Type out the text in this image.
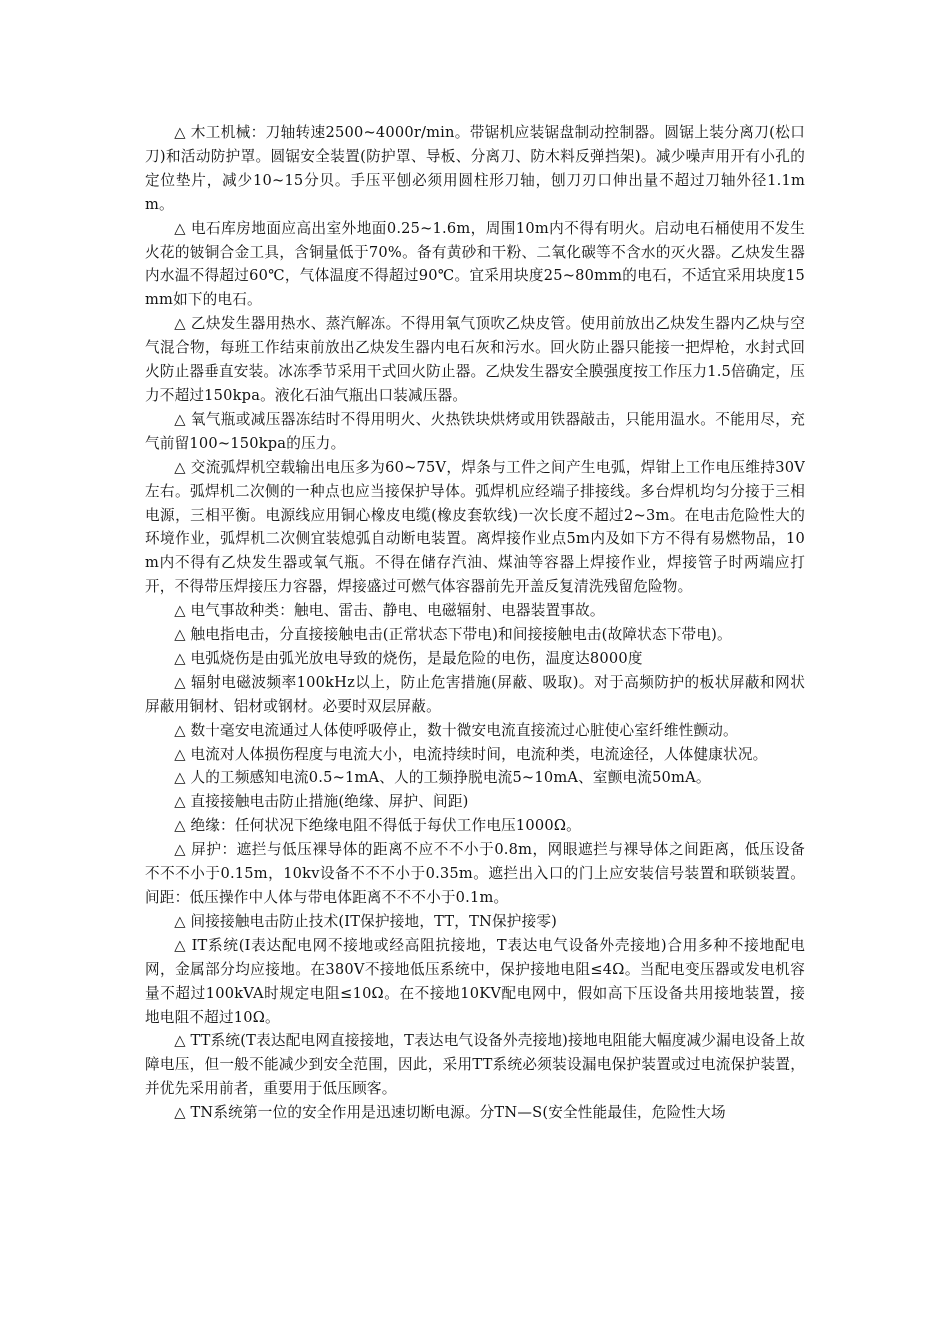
△ 木工机械：刀轴转速2500~4000r/min。带锯机应装锯盘制动控制器。圆锯上装分离刀(松口刀)和活动防护罩。圆锯安全装置(防护罩、导板、分离刀、防木料反弹挡架)。减少噪声用开有小孔的定位垫片，减少10~15分贝。手压平刨必须用圆柱形刀轴，刨刀刃口伸出量不超过刀轴外径1.1mm。

△ 电石库房地面应高出室外地面0.25~1.6m，周围10m内不得有明火。启动电石桶使用不发生火花的铍铜合金工具，含铜量低于70%。备有黄砂和干粉、二氧化碳等不含水的灭火器。乙炔发生器内水温不得超过60℃，气体温度不得超过90℃。宜采用块度25~80mm的电石，不适宜采用块度15mm如下的电石。

△ 乙炔发生器用热水、蒸汽解冻。不得用氧气顶吹乙炔皮管。使用前放出乙炔发生器内乙炔与空气混合物，每班工作结束前放出乙炔发生器内电石灰和污水。回火防止器只能接一把焊枪，水封式回火防止器垂直安装。冰冻季节采用干式回火防止器。乙炔发生器安全膜强度按工作压力1.5倍确定，压力不超过150kpa。液化石油气瓶出口装减压器。

△ 氧气瓶或减压器冻结时不得用明火、火热铁块烘烤或用铁器敲击，只能用温水。不能用尽，充气前留100~150kpa的压力。

△ 交流弧焊机空载输出电压多为60~75V，焊条与工件之间产生电弧，焊钳上工作电压维持30V左右。弧焊机二次侧的一种点也应当接保护导体。弧焊机应经端子排接线。多台焊机均匀分接于三相电源，三相平衡。电源线应用铜心橡皮电缆(橡皮套软线)一次长度不超过2~3m。在电击危险性大的环境作业，弧焊机二次侧宜装熄弧自动断电装置。离焊接作业点5m内及如下方不得有易燃物品，10m内不得有乙炔发生器或氧气瓶。不得在储存汽油、煤油等容器上焊接作业，焊接管子时两端应打开，不得带压焊接压力容器，焊接盛过可燃气体容器前先开盖反复清洗残留危险物。

△ 电气事故种类：触电、雷击、静电、电磁辐射、电器装置事故。

△ 触电指电击，分直接接触电击(正常状态下带电)和间接接触电击(故障状态下带电)。

△ 电弧烧伤是由弧光放电导致的烧伤，是最危险的电伤，温度达8000度

△ 辐射电磁波频率100kHz以上，防止危害措施(屏蔽、吸取)。对于高频防护的板状屏蔽和网状屏蔽用铜材、铝材或钢材。必要时双层屏蔽。

△ 数十毫安电流通过人体使呼吸停止，数十微安电流直接流过心脏使心室纤维性颤动。

△ 电流对人体损伤程度与电流大小，电流持续时间，电流种类，电流途径，人体健康状况。

△ 人的工频感知电流0.5~1mA、人的工频挣脱电流5~10mA、室颤电流50mA。

△ 直接接触电击防止措施(绝缘、屏护、间距)

△ 绝缘：任何状况下绝缘电阻不得低于每伏工作电压1000Ω。

△ 屏护：遮拦与低压裸导体的距离不应不不小于0.8m，网眼遮拦与裸导体之间距离，低压设备不不不小于0.15m，10kv设备不不不小于0.35m。遮拦出入口的门上应安装信号装置和联锁装置。间距：低压操作中人体与带电体距离不不不小于0.1m。

△ 间接接触电击防止技术(IT保护接地，TT，TN保护接零)

△ IT系统(I表达配电网不接地或经高阻抗接地，T表达电气设备外壳接地)合用多种不接地配电网，金属部分均应接地。在380V不接地低压系统中，保护接地电阻≤4Ω。当配电变压器或发电机容量不超过100kVA时规定电阻≤10Ω。在不接地10KV配电网中，假如高下压设备共用接地装置，接地电阻不超过10Ω。

△ TT系统(T表达配电网直接接地，T表达电气设备外壳接地)接地电阻能大幅度减少漏电设备上故障电压，但一般不能减少到安全范围，因此，采用TT系统必须装设漏电保护装置或过电流保护装置，并优先采用前者，重要用于低压顾客。

△ TN系统第一位的安全作用是迅速切断电源。分TN—S(安全性能最佳，危险性大场
